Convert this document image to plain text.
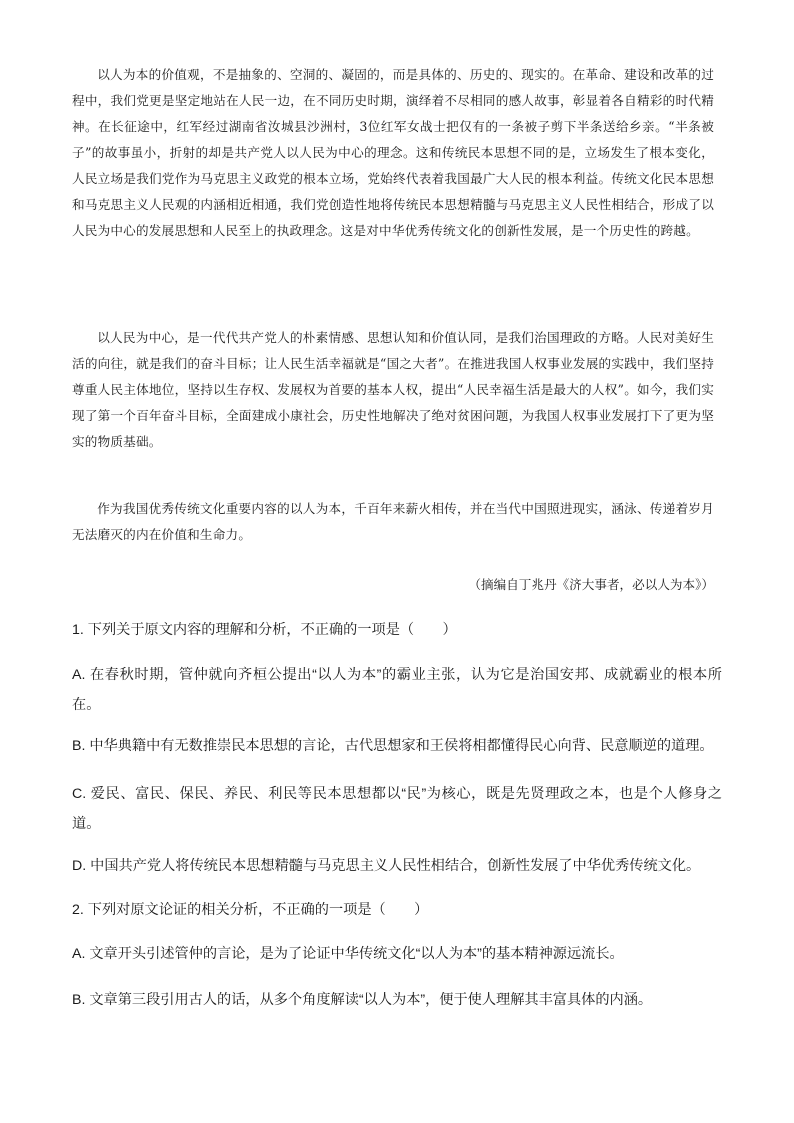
以人为本的价值观，不是抽象的、空洞的、凝固的，而是具体的、历史的、现实的。在革命、建设和改革的过程中，我们党更是坚定地站在人民一边，在不同历史时期，演绎着不尽相同的感人故事，彰显着各自精彩的时代精神。在长征途中，红军经过湖南省汝城县沙洲村，3位红军女战士把仅有的一条被子剪下半条送给乡亲。“半条被子”的故事虽小，折射的却是共产党人以人民为中心的理念。这和传统民本思想不同的是，立场发生了根本变化，人民立场是我们党作为马克思主义政党的根本立场，党始终代表着我国最广大人民的根本利益。传统文化民本思想和马克思主义人民观的内涵相近相通，我们党创造性地将传统民本思想精髓与马克思主义人民性相结合，形成了以人民为中心的发展思想和人民至上的执政理念。这是对中华优秀传统文化的创新性发展，是一个历史性的跨越。

以人民为中心，是一代代共产党人的朴素情感、思想认知和价值认同，是我们治国理政的方略。人民对美好生活的向往，就是我们的奋斗目标；让人民生活幸福就是“国之大者”。在推进我国人权事业发展的实践中，我们坚持尊重人民主体地位，坚持以生存权、发展权为首要的基本人权，提出“人民幸福生活是最大的人权”。如今，我们实现了第一个百年奋斗目标，全面建成小康社会，历史性地解决了绝对贫困问题，为我国人权事业发展打下了更为坚实的物质基础。

作为我国优秀传统文化重要内容的以人为本，千百年来薪火相传，并在当代中国照进现实，涵泳、传递着岁月无法磨灭的内在价值和生命力。

（摘编自丁兆丹《济大事者，必以人为本》）

1. 下列关于原文内容的理解和分析，不正确的一项是（　　）

A. 在春秋时期，管仲就向齐桓公提出“以人为本”的霸业主张，认为它是治国安邦、成就霸业的根本所在。

B. 中华典籍中有无数推崇民本思想的言论，古代思想家和王侯将相都懂得民心向背、民意顺逆的道理。

C. 爱民、富民、保民、养民、利民等民本思想都以“民”为核心，既是先贤理政之本，也是个人修身之道。

D. 中国共产党人将传统民本思想精髓与马克思主义人民性相结合，创新性发展了中华优秀传统文化。

2. 下列对原文论证的相关分析，不正确的一项是（　　）

A. 文章开头引述管仲的言论，是为了论证中华传统文化“以人为本”的基本精神源远流长。

B. 文章第三段引用古人的话，从多个角度解读“以人为本”，便于使人理解其丰富具体的内涵。
